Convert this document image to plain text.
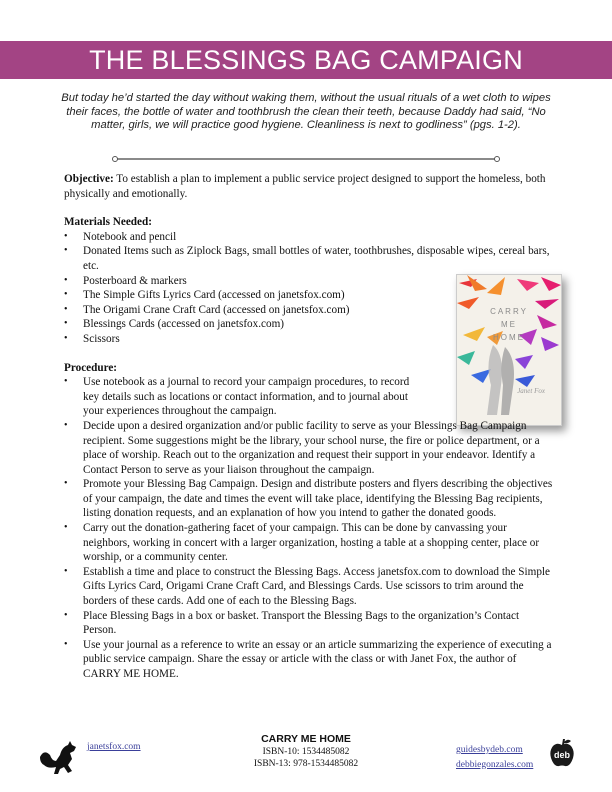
THE BLESSINGS BAG CAMPAIGN
But today he’d started the day without waking them, without the usual rituals of a wet cloth to wipes their faces, the bottle of water and toothbrush the clean their teeth, because Daddy had said, “No matter, girls, we will practice good hygiene. Cleanliness is next to godliness” (pgs. 1-2).
CARRY
ME
HOME
Janet Fox
Objective: To establish a plan to implement a public service project designed to support the homeless, both physically and emotionally.
Materials Needed:
• Notebook and pencil
• Donated Items such as Ziplock Bags, small bottles of water, toothbrushes, disposable wipes, cereal bars, etc.
• Posterboard & markers
• The Simple Gifts Lyrics Card (accessed on janetsfox.com)
• The Origami Crane Craft Card (accessed on janetsfox.com)
• Blessings Cards (accessed on janetsfox.com)
• Scissors
Procedure:
• Use notebook as a journal to record your campaign procedures, to record key details such as locations or contact information, and to journal about your experiences throughout the campaign.
• Decide upon a desired organization and/or public facility to serve as your Blessings Bag Campaign recipient. Some suggestions might be the library, your school nurse, the fire or police department, or a place of worship. Reach out to the organization and request their support in your endeavor. Identify a Contact Person to serve as your liaison throughout the campaign.
• Promote your Blessing Bag Campaign. Design and distribute posters and flyers describing the objectives of your campaign, the date and times the event will take place, identifying the Blessing Bag recipients, listing donation requests, and an explanation of how you intend to gather the donated goods.
• Carry out the donation-gathering facet of your campaign. This can be done by canvassing your neighbors, working in concert with a larger organization, hosting a table at a shopping center, place or worship, or a community center.
• Establish a time and place to construct the Blessing Bags. Access janetsfox.com to download the Simple Gifts Lyrics Card, Origami Crane Craft Card, and Blessings Cards. Use scissors to trim around the borders of these cards. Add one of each to the Blessing Bags.
• Place Blessing Bags in a box or basket. Transport the Blessing Bags to the organization’s Contact Person.
• Use your journal as a reference to write an essay or an article summarizing the experience of executing a public service campaign. Share the essay or article with the class or with Janet Fox, the author of CARRY ME HOME.
janetsfox.com
CARRY ME HOME
ISBN-10: 1534485082
ISBN-13: 978-1534485082
guidesbydeb.com
debbiegonzales.com
deb
